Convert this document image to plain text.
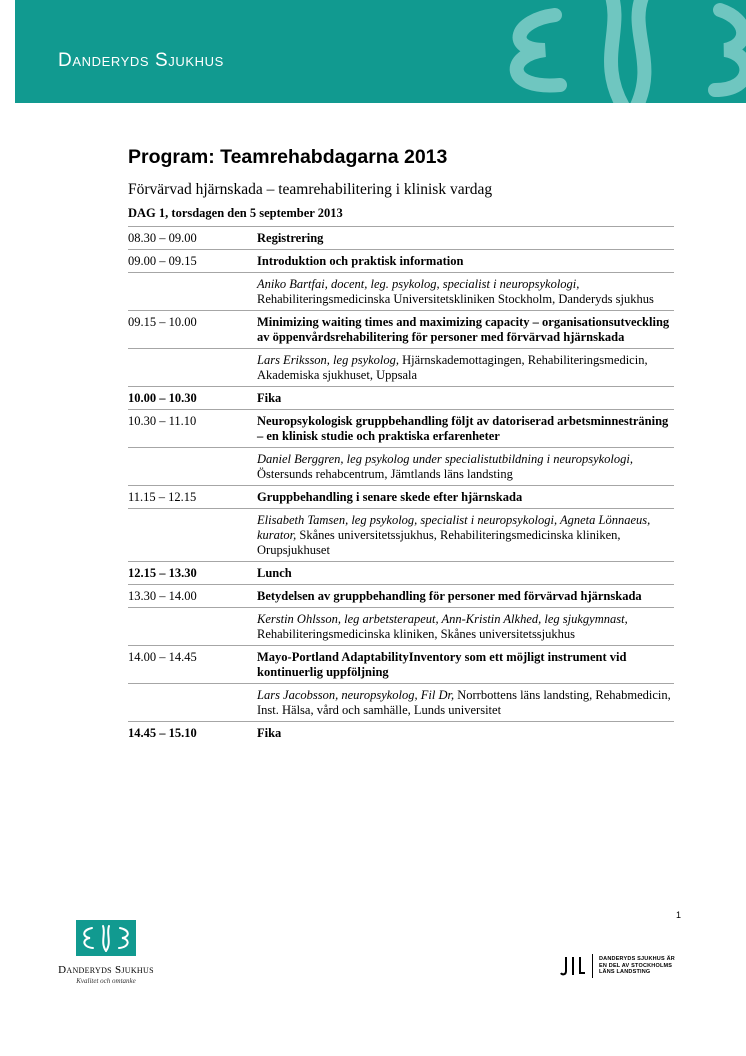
Danderyds Sjukhus
Program: Teamrehabdagarna 2013
Förvärvad hjärnskada – teamrehabilitering i klinisk vardag
DAG 1, torsdagen den 5 september 2013
08.30 – 09.00	Registrering
09.00 – 09.15	Introduktion och praktisk information
Aniko Bartfai, docent, leg. psykolog, specialist i neuropsykologi, Rehabiliteringsmedicinska Universitetskliniken Stockholm, Danderyds sjukhus
09.15 – 10.00	Minimizing waiting times and maximizing capacity – organisationsutveckling av öppenvårdsrehabilitering för personer med förvärvad hjärnskada
Lars Eriksson, leg psykolog, Hjärnskademottagingen, Rehabiliteringsmedicin, Akademiska sjukhuset, Uppsala
10.00 – 10.30	Fika
10.30 – 11.10	Neuropsykologisk gruppbehandling följt av datoriserad arbetsminnesträning – en klinisk studie och praktiska erfarenheter
Daniel Berggren, leg psykolog under specialistutbildning i neuropsykologi, Östersunds rehabcentrum, Jämtlands läns landsting
11.15 – 12.15	Gruppbehandling i senare skede efter hjärnskada
Elisabeth Tamsen, leg psykolog, specialist i neuropsykologi, Agneta Lönnaeus, kurator, Skånes universitetssjukhus, Rehabiliteringsmedicinska kliniken, Orupsjukhuset
12.15 – 13.30	Lunch
13.30 – 14.00	Betydelsen av gruppbehandling för personer med förvärvad hjärnskada
Kerstin Ohlsson, leg arbetsterapeut, Ann-Kristin Alkhed, leg sjukgymnast, Rehabiliteringsmedicinska kliniken, Skånes universitetssjukhus
14.00 – 14.45	Mayo-Portland AdaptabilityInventory som ett möjligt instrument vid kontinuerlig uppföljning
Lars Jacobsson, neuropsykolog, Fil Dr, Norrbottens läns landsting, Rehabmedicin, Inst. Hälsa, vård och samhälle, Lunds universitet
14.45 – 15.10	Fika
Danderyds Sjukhus
Kvalitet och omtanke
1
DANDERYDS SJUKHUS ÄR
EN DEL AV STOCKHOLMS
LÄNS LANDSTING
